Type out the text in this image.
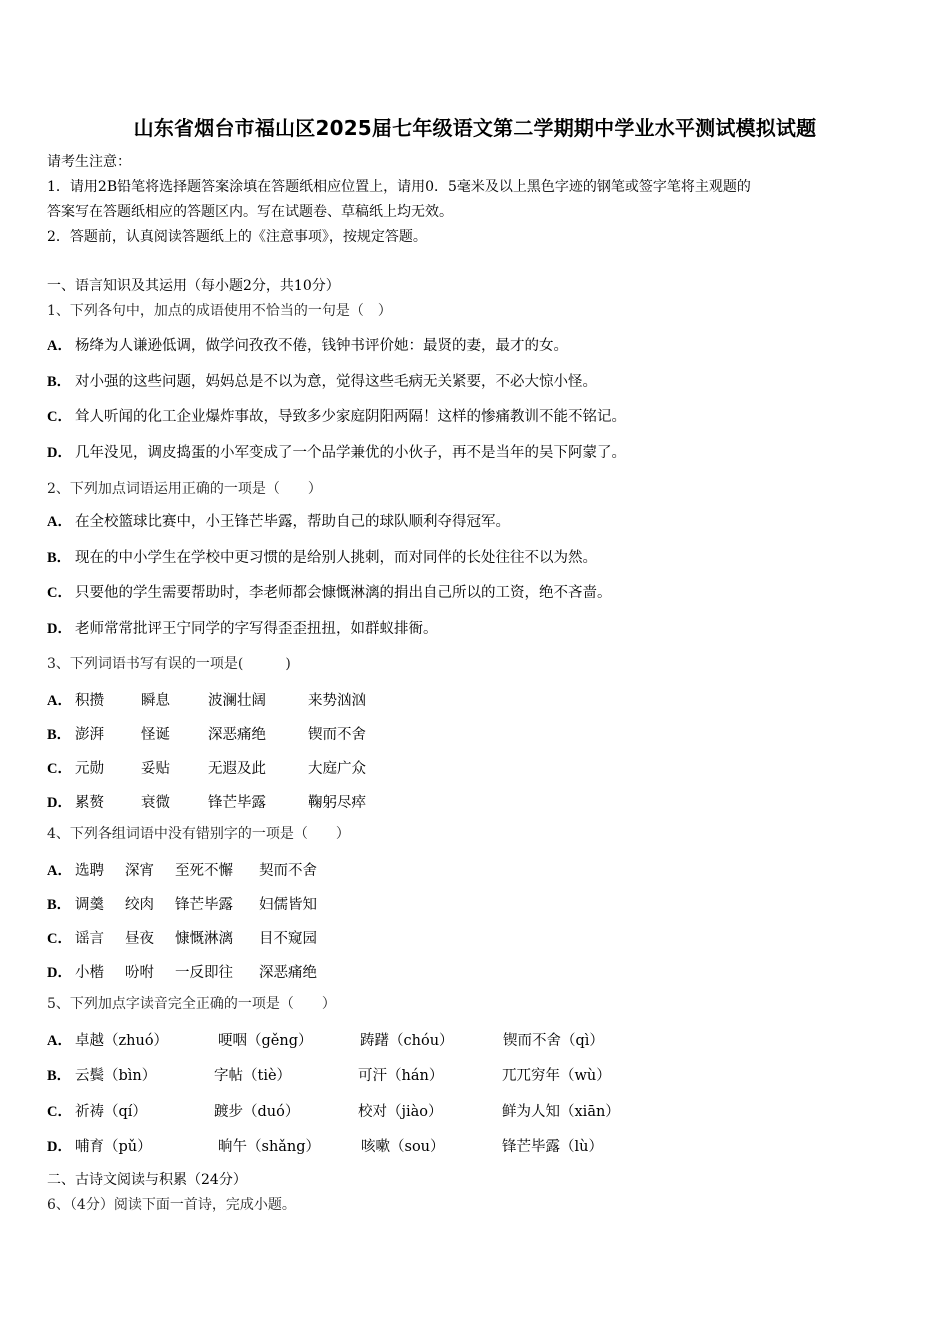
山东省烟台市福山区2025届七年级语文第二学期期中学业水平测试模拟试题
请考生注意：
1．请用2B铅笔将选择题答案涂填在答题纸相应位置上，请用0．5毫米及以上黑色字迹的钢笔或签字笔将主观题的
答案写在答题纸相应的答题区内。写在试题卷、草稿纸上均无效。
2．答题前，认真阅读答题纸上的《注意事项》，按规定答题。
一、语言知识及其运用（每小题2分，共10分）
1、下列各句中，加点的成语使用不恰当的一句是（　）
A． 杨绛为人谦逊低调，做学问孜孜不倦，钱钟书评价她：最贤的妻，最才的女。
B． 对小强的这些问题，妈妈总是不以为意，觉得这些毛病无关紧要，不必大惊小怪。
C． 耸人听闻的化工企业爆炸事故，导致多少家庭阴阳两隔！这样的惨痛教训不能不铭记。
D． 几年没见，调皮捣蛋的小军变成了一个品学兼优的小伙子，再不是当年的吴下阿蒙了。
2、下列加点词语运用正确的一项是（　　）
A． 在全校篮球比赛中，小王锋芒毕露，帮助自己的球队顺利夺得冠军。
B． 现在的中小学生在学校中更习惯的是给别人挑刺，而对同伴的长处往往不以为然。
C． 只要他的学生需要帮助时，李老师都会慷慨淋漓的捐出自己所以的工资，绝不吝啬。
D． 老师常常批评王宁同学的字写得歪歪扭扭，如群蚁排衙。
3、下列词语书写有误的一项是(　　　)
A． 积攒	瞬息	波澜壮阔	来势汹汹
B． 澎湃	怪诞	深恶痛绝	锲而不舍
C． 元勋	妥贴	无遐及此	大庭广众
D． 累赘	衰微	锋芒毕露	鞠躬尽瘁
4、下列各组词语中没有错别字的一项是（　　）
A． 选聘 深宵 至死不懈 契而不舍
B． 调羹 绞肉 锋芒毕露 妇儒皆知
C． 谣言 昼夜 慷慨淋漓 目不窥园
D． 小楷 吩咐 一反即往 深恶痛绝
5、下列加点字读音完全正确的一项是（　　）
A． 卓越（zhuó）	哽咽（gěng）	踌躇（chóu）	锲而不舍（qì）
B． 云鬓（bìn）	字帖（tiè）	可汗（hán）	兀兀穷年（wù）
C． 祈祷（qí）	踱步（duó）	校对（jiào）	鲜为人知（xiān）
D． 哺育（pǔ）	晌午（shǎng）	咳嗽（sou）	锋芒毕露（lù）
二、古诗文阅读与积累（24分）
6、（4分）阅读下面一首诗，完成小题。
